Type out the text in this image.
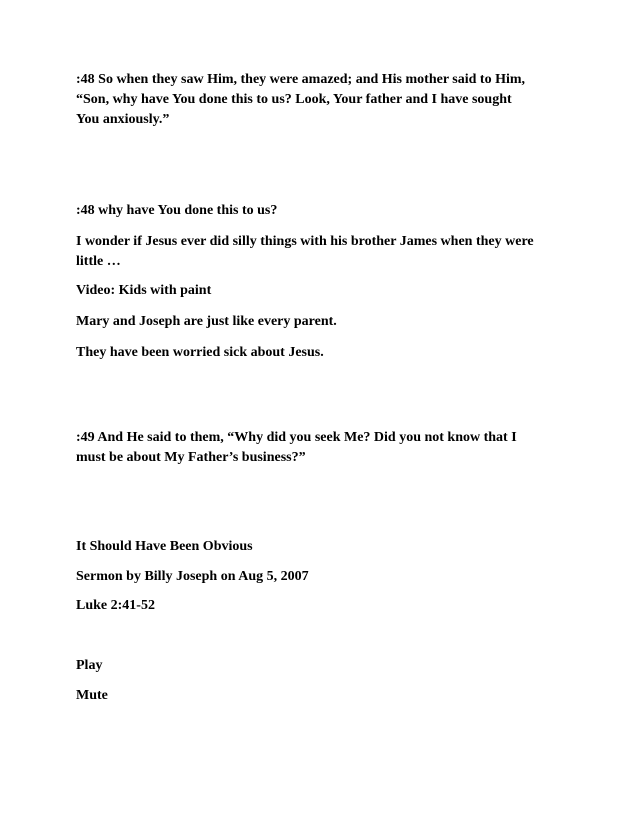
:48 So when they saw Him, they were amazed; and His mother said to Him,
“Son, why have You done this to us? Look, Your father and I have sought
You anxiously.”

:48 why have You done this to us?

I wonder if Jesus ever did silly things with his brother James when they were
little …

Video: Kids with paint

Mary and Joseph are just like every parent.

They have been worried sick about Jesus.

:49 And He said to them, “Why did you seek Me? Did you not know that I
must be about My Father’s business?”

It Should Have Been Obvious

Sermon by Billy Joseph on Aug 5, 2007

Luke 2:41-52

Play

Mute
